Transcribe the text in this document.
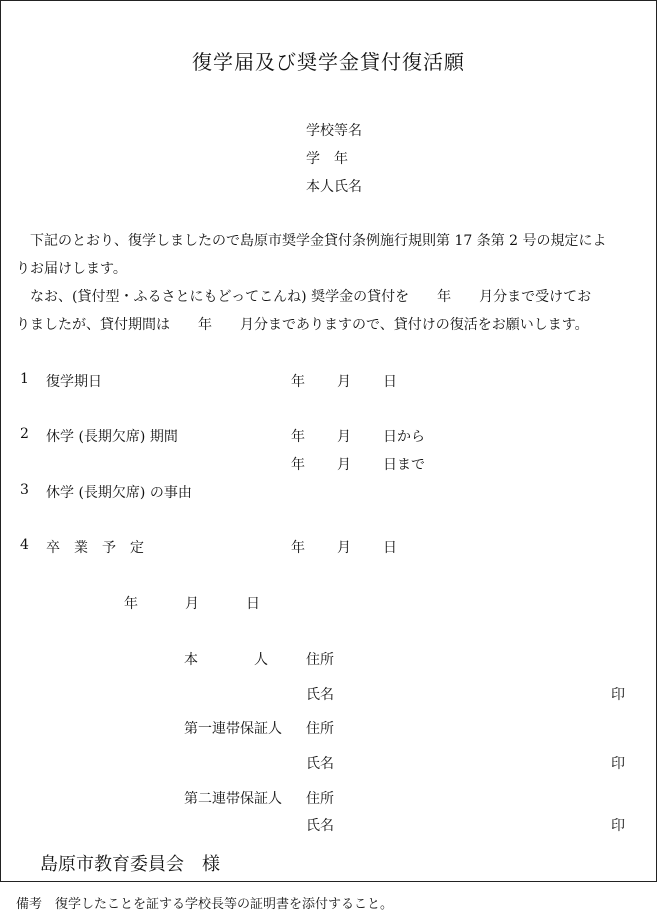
復学届及び奨学金貸付復活願
学校等名
学　年
本人氏名
　下記のとおり、復学しましたので島原市奨学金貸付条例施行規則第 17 条第 2 号の規定によ
りお届けします。
　なお、(貸付型・ふるさとにもどってこんね) 奨学金の貸付を　　年　　月分まで受けてお
りましたが、貸付期間は　　年　　月分までありますので、貸付けの復活をお願いします。
1 復学期日	年 月 日
2 休学 (長期欠席) 期間	年 月 日から
年 月 日まで
3 休学 (長期欠席) の事由
4 卒　業　予　定	年 月 日
年	月	日
本　　　　人	住所
氏名	印
第一連帯保証人 住所
氏名	印
第二連帯保証人 住所
氏名	印
島原市教育委員会　様
備考　復学したことを証する学校長等の証明書を添付すること。
